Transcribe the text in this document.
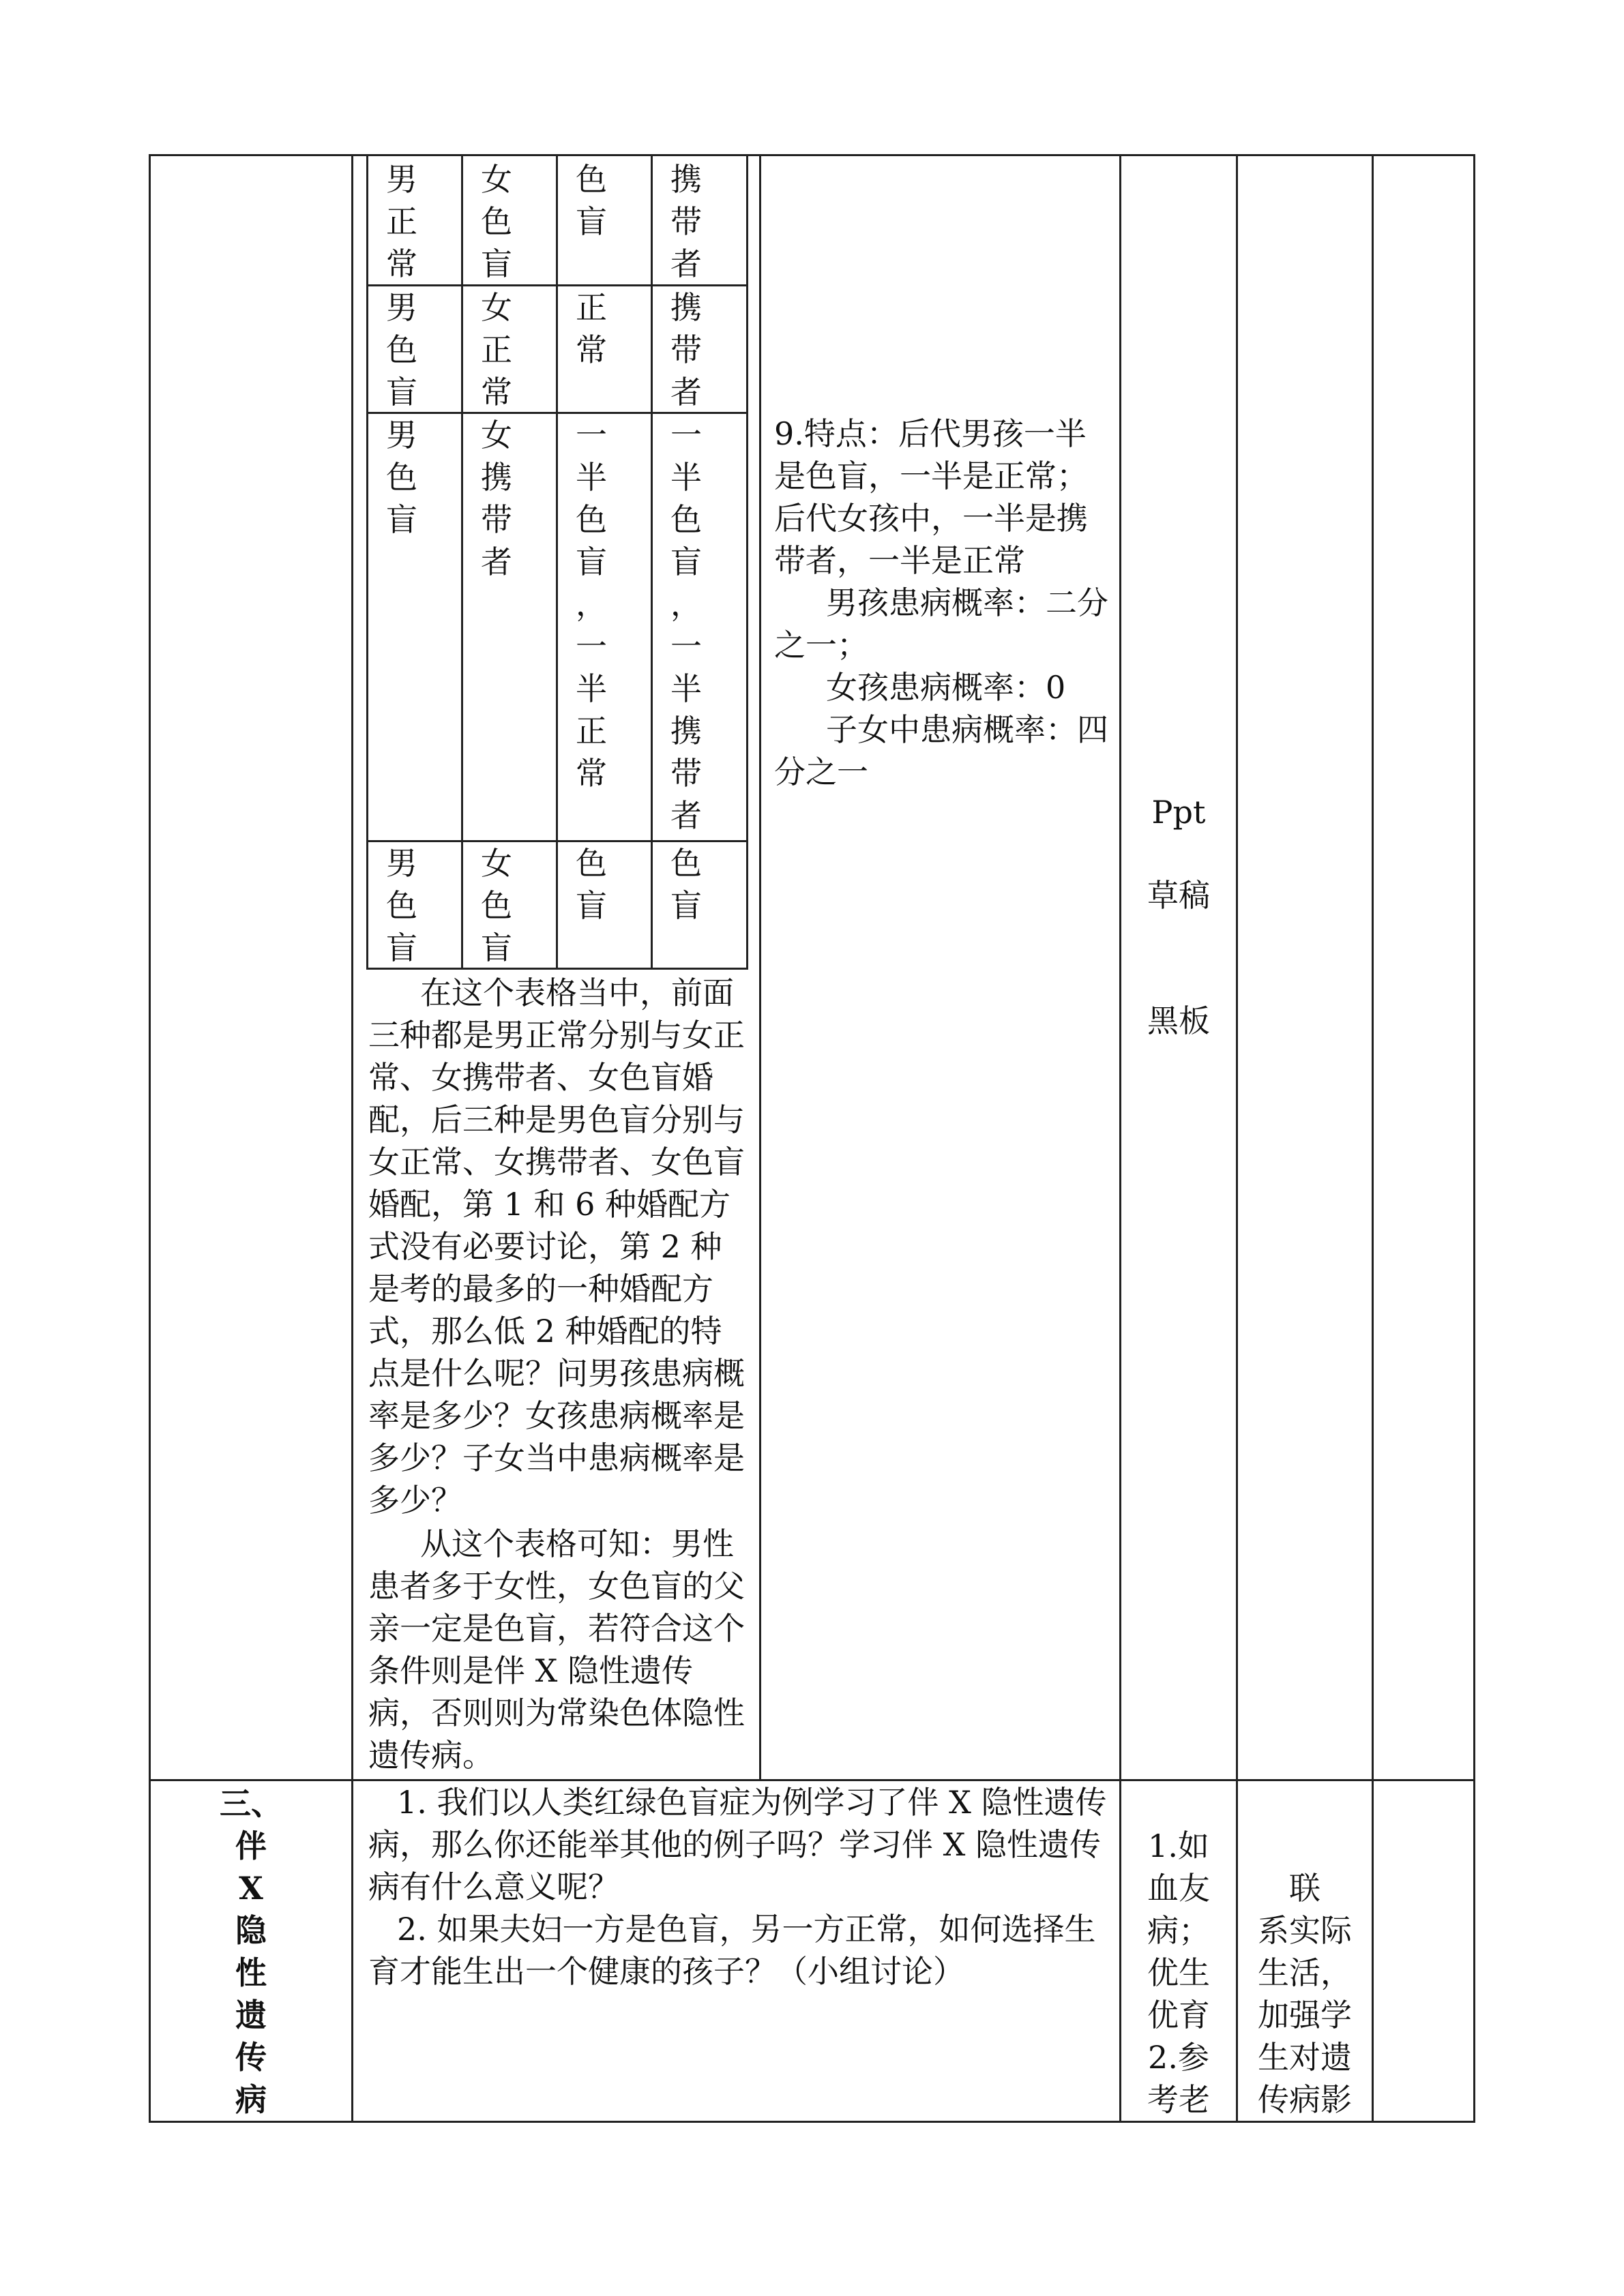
男
正
常
女
色
盲
色
盲
携
带
者
男
色
盲
女
正
常
正
常
携
带
者
男
色
盲
女
携
带
者
一
半
色
盲
，
一
半
正
常
一
半
色
盲
，
一
半
携
带
者
男
色
盲
女
色
盲
色
盲
色
盲
在这个表格当中，前面三种都是男正常分别与女正常、女携带者、女色盲婚配，后三种是男色盲分别与女正常、女携带者、女色盲婚配，第 1 和 6 种婚配方式没有必要讨论，第 2 种是考的最多的一种婚配方式，那么低 2 种婚配的特点是什么呢？问男孩患病概率是多少？女孩患病概率是多少？子女当中患病概率是多少？
从这个表格可知：男性患者多于女性，女色盲的父亲一定是色盲，若符合这个条件则是伴 X 隐性遗传病，否则则为常染色体隐性遗传病。
9.特点：后代男孩一半是色盲，一半是正常；后代女孩中，一半是携带者，一半是正常
男孩患病概率：二分之一；
女孩患病概率：0
子女中患病概率：四分之一
Ppt
草稿
黑板
三、
伴
X
隐
性
遗
传
病
1. 我们以人类红绿色盲症为例学习了伴 X 隐性遗传病，那么你还能举其他的例子吗？学习伴 X 隐性遗传病有什么意义呢？
2. 如果夫妇一方是色盲，另一方正常，如何选择生育才能生出一个健康的孩子？（小组讨论）
1.如
血友
病；
优生
优育
2.参
考老
联
系实际
生活，
加强学
生对遗
传病影
